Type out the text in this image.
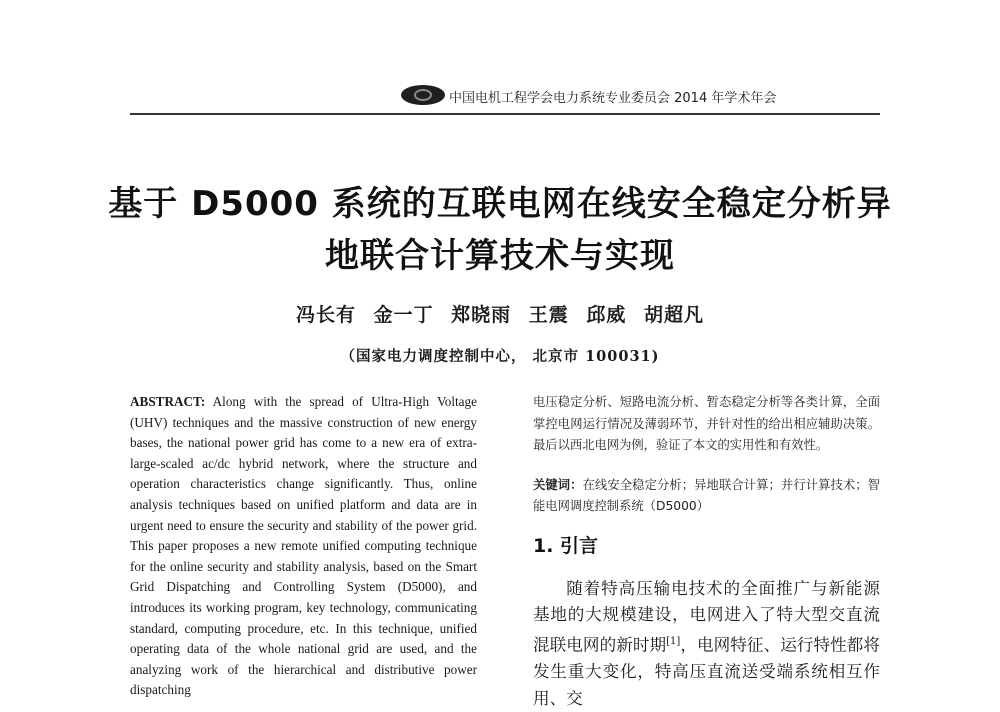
中国电机工程学会电力系统专业委员会 2014 年学术年会
基于 D5000 系统的互联电网在线安全稳定分析异地联合计算技术与实现
冯长有 金一丁 郑晓雨 王震 邱威 胡超凡
（国家电力调度控制中心， 北京市 100031)
ABSTRACT: Along with the spread of Ultra-High Voltage (UHV) techniques and the massive construction of new energy bases, the national power grid has come to a new era of extra-large-scaled ac/dc hybrid network, where the structure and operation characteristics change significantly. Thus, online analysis techniques based on unified platform and data are in urgent need to ensure the security and stability of the power grid. This paper proposes a new remote unified computing technique for the online security and stability analysis, based on the Smart Grid Dispatching and Controlling System (D5000), and introduces its working program, key technology, communicating standard, computing procedure, etc. In this technique, unified operating data of the whole national grid are used, and the analyzing work of the hierarchical and distributive power dispatching
电压稳定分析、短路电流分析、暂态稳定分析等各类计算，全面掌控电网运行情况及薄弱环节，并针对性的给出相应辅助决策。最后以西北电网为例，验证了本文的实用性和有效性。
关键词：在线安全稳定分析；异地联合计算；并行计算技术；智能电网调度控制系统（D5000）
1. 引言
随着特高压输电技术的全面推广与新能源基地的大规模建设，电网进入了特大型交直流混联电网的新时期[1]，电网特征、运行特性都将发生重大变化，特高压直流送受端系统相互作用、交
